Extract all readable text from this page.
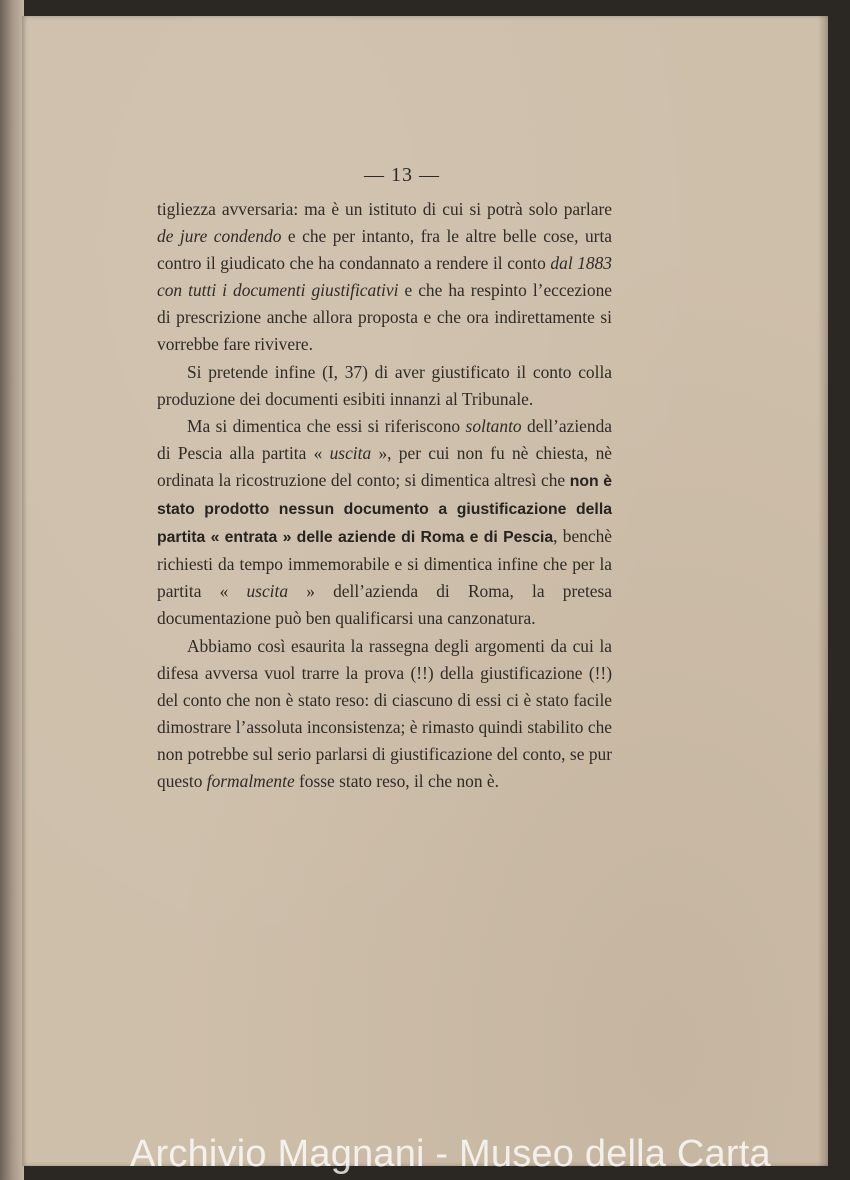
— 13 —

tigliezza avversaria: ma è un istituto di cui si potrà solo parlare de jure condendo e che per intanto, fra le altre belle cose, urta contro il giudicato che ha condannato a rendere il conto dal 1883 con tutti i documenti giustificativi e che ha respinto l’eccezione di prescrizione anche allora proposta e che ora indirettamente si vorrebbe fare rivivere.

Si pretende infine (I, 37) di aver giustificato il conto colla produzione dei documenti esibiti innanzi al Tribunale.

Ma si dimentica che essi si riferiscono soltanto dell’azienda di Pescia alla partita « uscita », per cui non fu nè chiesta, nè ordinata la ricostruzione del conto; si dimentica altresì che non è stato prodotto nessun documento a giustificazione della partita « entrata » delle aziende di Roma e di Pescia, benchè richiesti da tempo immemorabile e si dimentica infine che per la partita « uscita » dell’azienda di Roma, la pretesa documentazione può ben qualificarsi una canzonatura.

Abbiamo così esaurita la rassegna degli argomenti da cui la difesa avversa vuol trarre la prova (!!) della giustificazione (!!) del conto che non è stato reso: di ciascuno di essi ci è stato facile dimostrare l’assoluta inconsistenza; è rimasto quindi stabilito che non potrebbe sul serio parlarsi di giustificazione del conto, se pur questo formalmente fosse stato reso, il che non è.

Archivio Magnani - Museo della Carta
